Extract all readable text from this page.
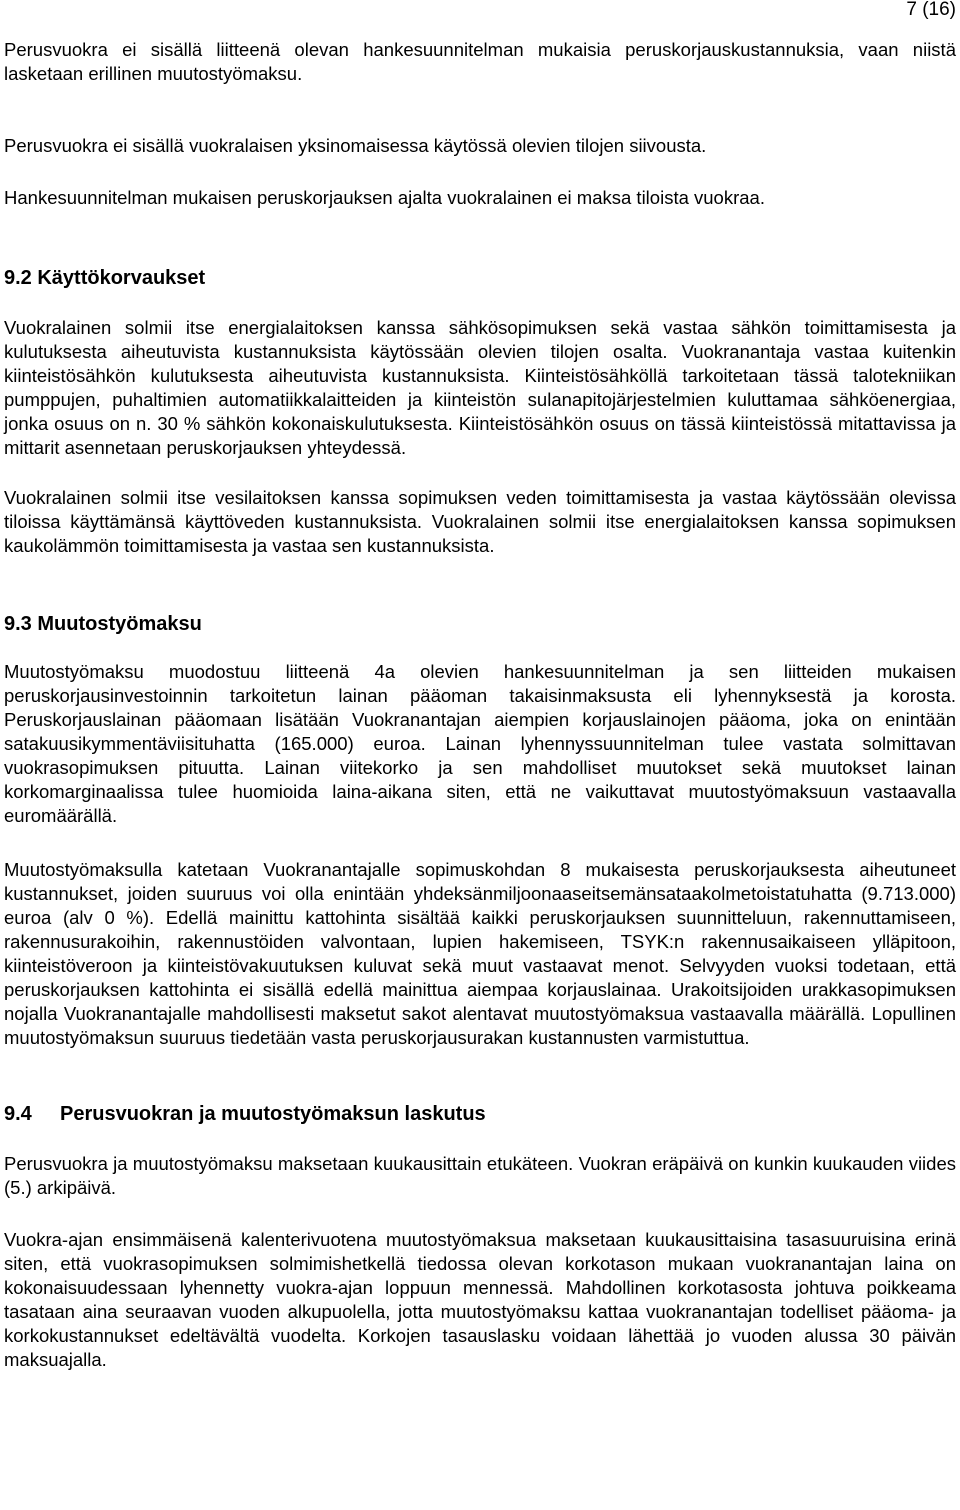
7 (16)

Perusvuokra ei sisällä liitteenä olevan hankesuunnitelman mukaisia peruskorjauskustannuksia, vaan niistä lasketaan erillinen muutostyömaksu.

Perusvuokra ei sisällä vuokralaisen yksinomaisessa käytössä olevien tilojen siivousta.

Hankesuunnitelman mukaisen peruskorjauksen ajalta vuokralainen ei maksa tiloista vuokraa.

9.2 Käyttökorvaukset

Vuokralainen solmii itse energialaitoksen kanssa sähkösopimuksen sekä vastaa sähkön toimittamisesta ja kulutuksesta aiheutuvista kustannuksista käytössään olevien tilojen osalta. Vuokranantaja vastaa kuitenkin kiinteistösähkön kulutuksesta aiheutuvista kustannuksista. Kiinteistösähköllä tarkoitetaan tässä talotekniikan pumppujen, puhaltimien automatiikkalaitteiden ja kiinteistön sulanapitojärjestelmien kuluttamaa sähköenergiaa, jonka osuus on n. 30 % sähkön kokonaiskulutuksesta. Kiinteistösähkön osuus on tässä kiinteistössä mitattavissa ja mittarit asennetaan peruskorjauksen yhteydessä.

Vuokralainen solmii itse vesilaitoksen kanssa sopimuksen veden toimittamisesta ja vastaa käytössään olevissa tiloissa käyttämänsä käyttöveden kustannuksista. Vuokralainen solmii itse energialaitoksen kanssa sopimuksen kaukolämmön toimittamisesta ja vastaa sen kustannuksista.

9.3 Muutostyömaksu

Muutostyömaksu muodostuu liitteenä 4a olevien hankesuunnitelman ja sen liitteiden mukaisen peruskorjausinvestoinnin tarkoitetun lainan pääoman takaisinmaksusta eli lyhennyksestä ja korosta. Peruskorjauslainan pääomaan lisätään Vuokranantajan aiempien korjauslainojen pääoma, joka on enintään satakuusikymmentäviisituhatta (165.000) euroa. Lainan lyhennyssuunnitelman tulee vastata solmittavan vuokrasopimuksen pituutta. Lainan viitekorko ja sen mahdolliset muutokset sekä muutokset lainan korkomarginaalissa tulee huomioida laina-aikana siten, että ne vaikuttavat muutostyömaksuun vastaavalla euromäärällä.

Muutostyömaksulla katetaan Vuokranantajalle sopimuskohdan 8 mukaisesta peruskorjauksesta aiheutuneet kustannukset, joiden suuruus voi olla enintään yhdeksänmiljoonaaseitsemänsataakolmetoistatuhatta (9.713.000) euroa (alv 0 %). Edellä mainittu kattohinta sisältää kaikki peruskorjauksen suunnitteluun, rakennuttamiseen, rakennusurakoihin, rakennustöiden valvontaan, lupien hakemiseen, TSYK:n rakennusaikaiseen ylläpitoon, kiinteistöveroon ja kiinteistövakuutuksen kuluvat sekä muut vastaavat menot. Selvyyden vuoksi todetaan, että peruskorjauksen kattohinta ei sisällä edellä mainittua aiempaa korjauslainaa. Urakoitsijoiden urakkasopimuksen nojalla Vuokranantajalle mahdollisesti maksetut sakot alentavat muutostyömaksua vastaavalla määrällä. Lopullinen muutostyömaksun suuruus tiedetään vasta peruskorjausurakan kustannusten varmistuttua.

9.4 Perusvuokran ja muutostyömaksun laskutus

Perusvuokra ja muutostyömaksu maksetaan kuukausittain etukäteen. Vuokran eräpäivä on kunkin kuukauden viides (5.) arkipäivä.

Vuokra-ajan ensimmäisenä kalenterivuotena muutostyömaksua maksetaan kuukausittaisina tasasuuruisina erinä siten, että vuokrasopimuksen solmimishetkellä tiedossa olevan korkotason mukaan vuokranantajan laina on kokonaisuudessaan lyhennetty vuokra-ajan loppuun mennessä. Mahdollinen korkotasosta johtuva poikkeama tasataan aina seuraavan vuoden alkupuolella, jotta muutostyömaksu kattaa vuokranantajan todelliset pääoma- ja korkokustannukset edeltävältä vuodelta. Korkojen tasauslasku voidaan lähettää jo vuoden alussa 30 päivän maksuajalla.
